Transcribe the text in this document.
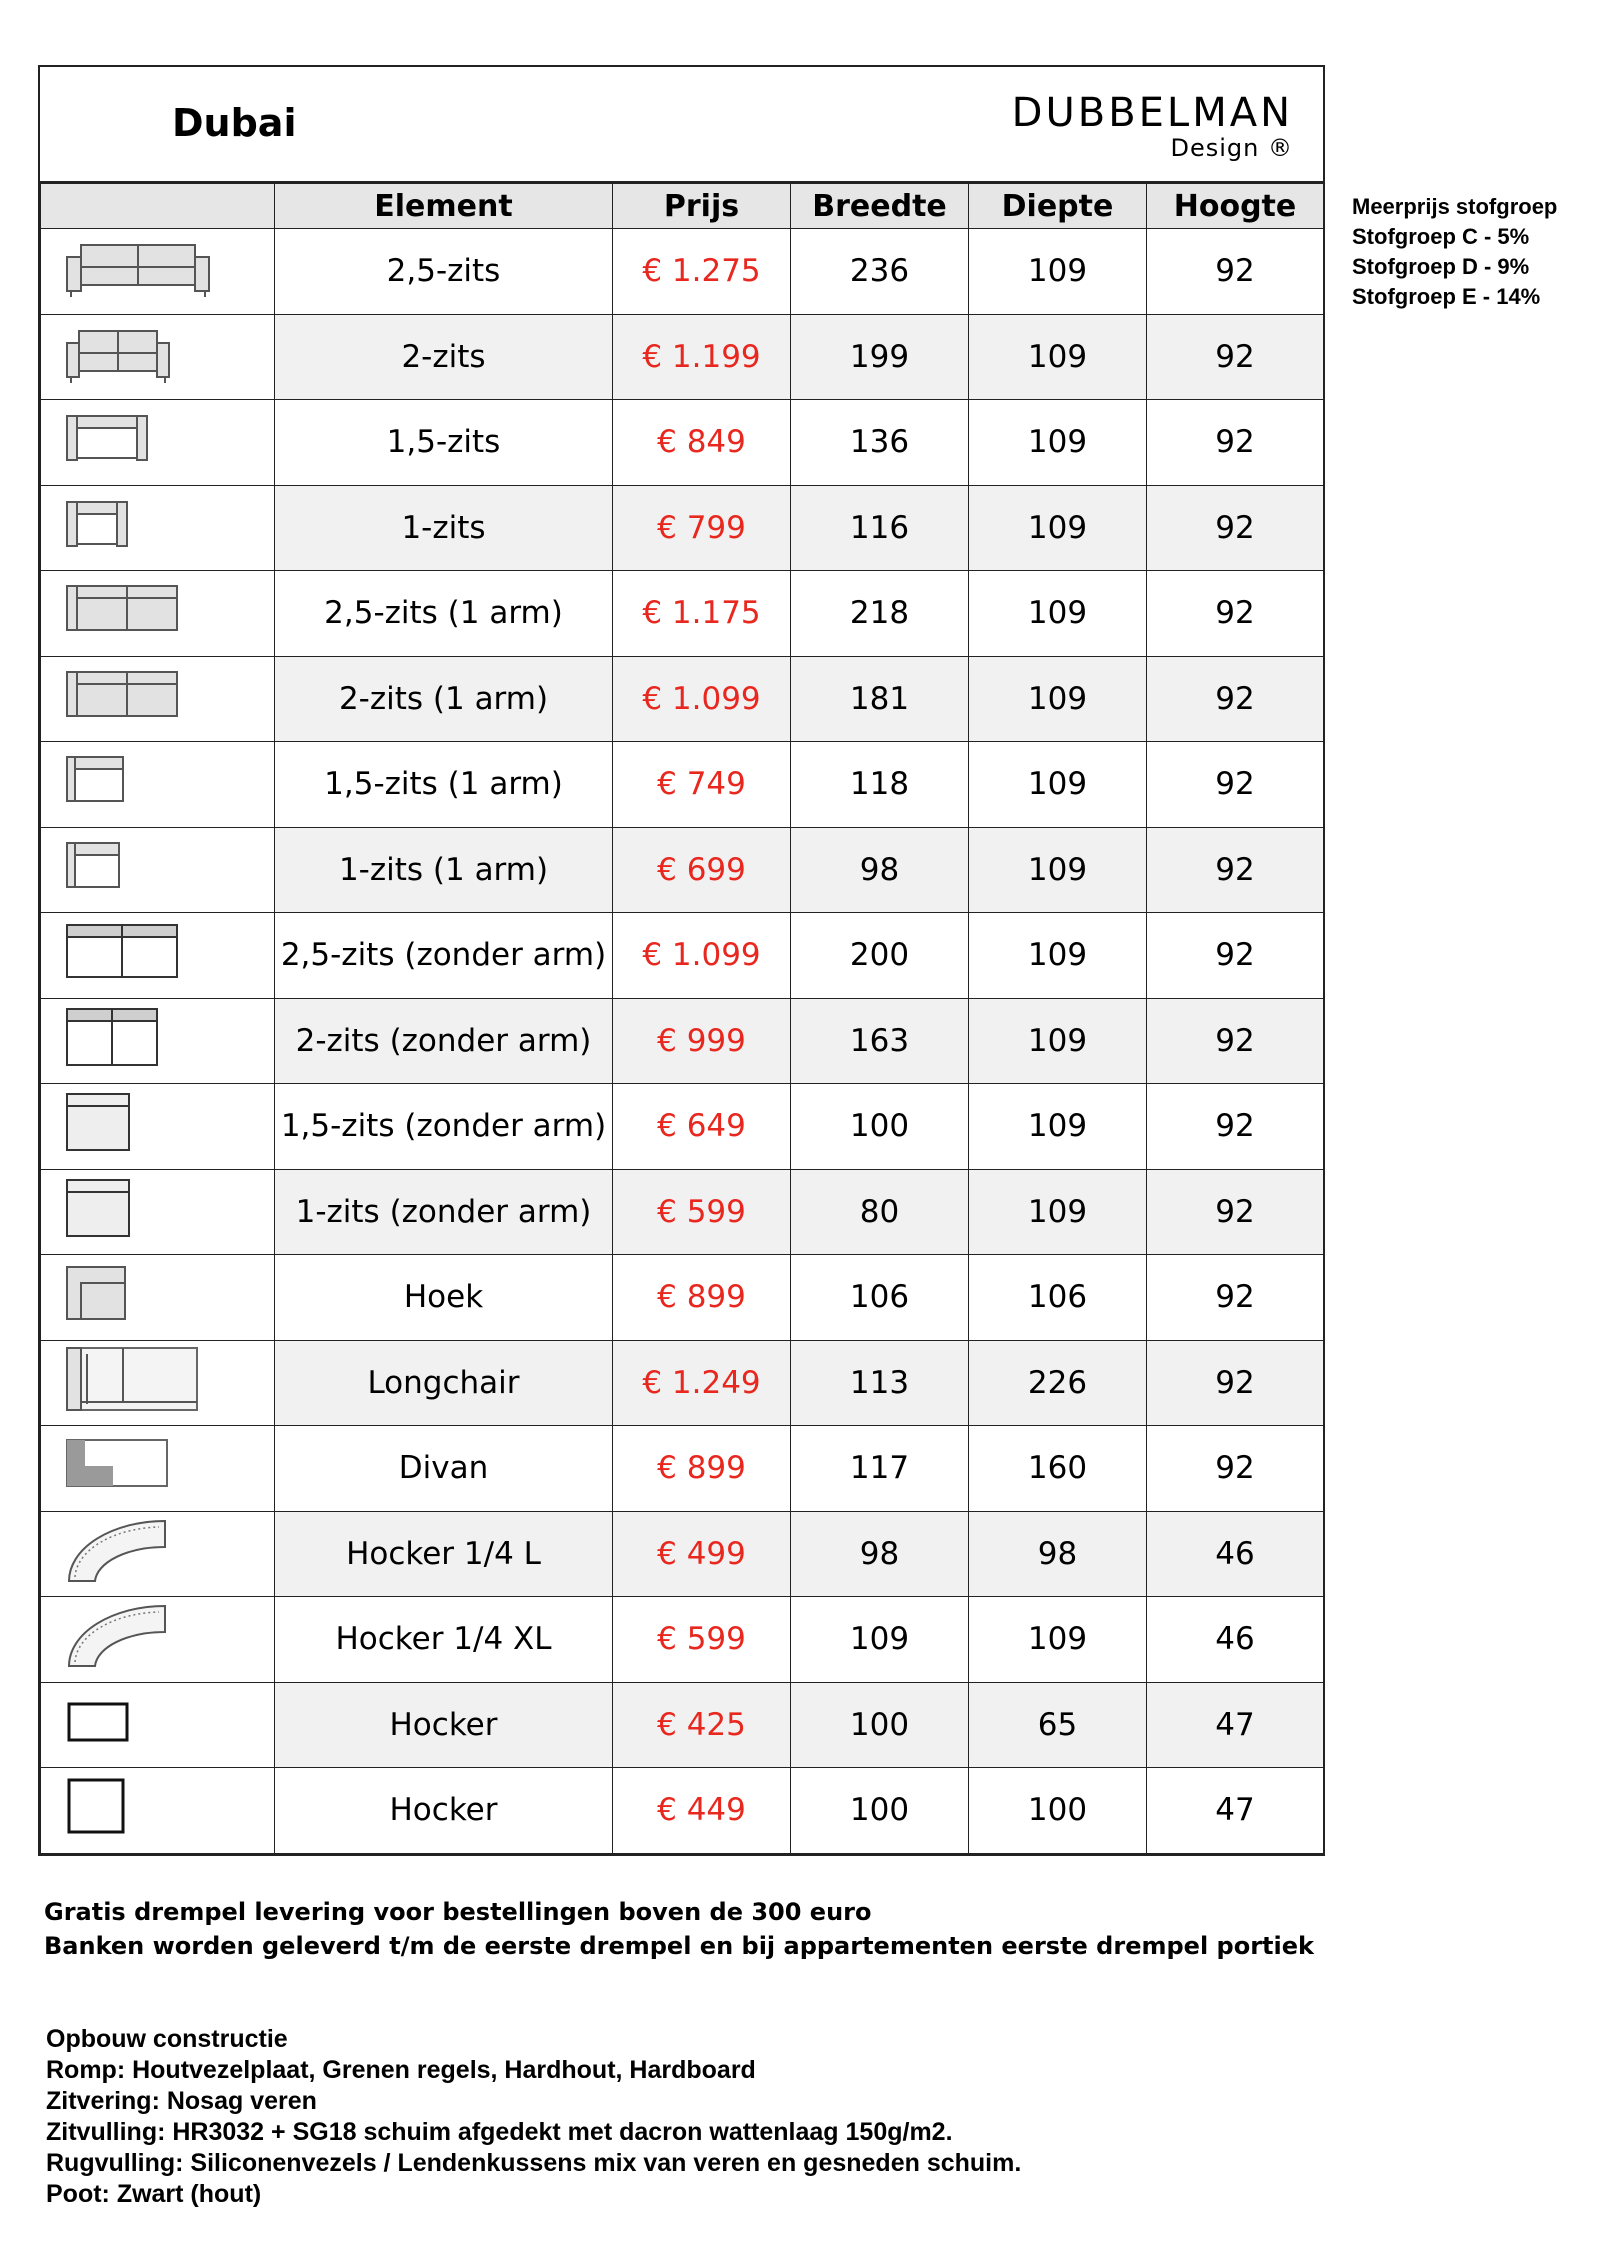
Dubai	DUBBELMAN
Design ®
	Element	Prijs	Breedte	Diepte	Hoogte

	2,5-zits	€ 1.275	236	109	92

	2-zits	€ 1.199	199	109	92

	1,5-zits	€ 849	136	109	92

	1-zits	€ 799	116	109	92

	2,5-zits (1 arm)	€ 1.175	218	109	92

	2-zits (1 arm)	€ 1.099	181	109	92

	1,5-zits (1 arm)	€ 749	118	109	92

	1-zits (1 arm)	€ 699	98	109	92

	2,5-zits (zonder arm)	€ 1.099	200	109	92

	2-zits (zonder arm)	€ 999	163	109	92

	1,5-zits (zonder arm)	€ 649	100	109	92

	1-zits (zonder arm)	€ 599	80	109	92

	Hoek	€ 899	106	106	92

	Longchair	€ 1.249	113	226	92

	Divan	€ 899	117	160	92

	Hocker 1/4 L	€ 499	98	98	46

	Hocker 1/4 XL	€ 599	109	109	46

	Hocker	€ 425	100	65	47

	Hocker	€ 449	100	100	47
Meerprijs stofgroep
Stofgroep C - 5%
Stofgroep D - 9%
Stofgroep E - 14%
Gratis drempel levering voor bestellingen boven de 300 euro
Banken worden geleverd t/m de eerste drempel en bij appartementen eerste drempel portiek
Opbouw constructie
Romp: Houtvezelplaat, Grenen regels, Hardhout, Hardboard
Zitvering: Nosag veren
Zitvulling: HR3032 + SG18 schuim afgedekt met dacron wattenlaag 150g/m2.
Rugvulling: Siliconenvezels / Lendenkussens mix van veren en gesneden schuim.
Poot: Zwart (hout)
